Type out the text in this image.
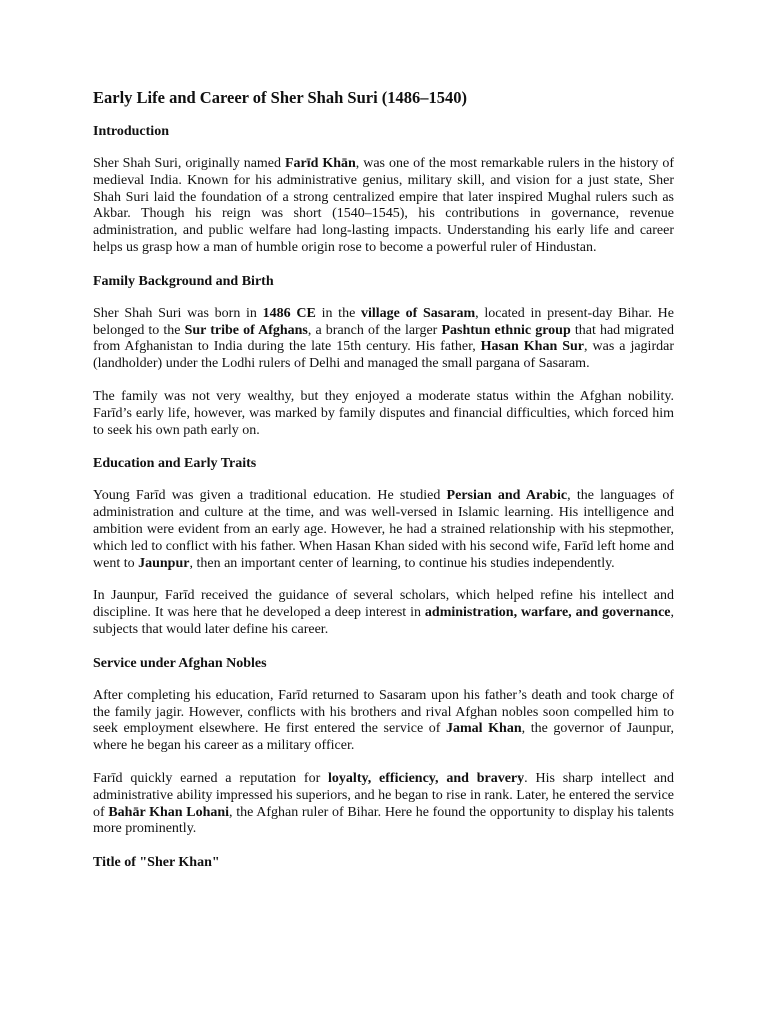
Early Life and Career of Sher Shah Suri (1486–1540)
Introduction

Sher Shah Suri, originally named Farīd Khān, was one of the most remarkable rulers in the history of medieval India. Known for his administrative genius, military skill, and vision for a just state, Sher Shah Suri laid the foundation of a strong centralized empire that later inspired Mughal rulers such as Akbar. Though his reign was short (1540–1545), his contributions in governance, revenue administration, and public welfare had long-lasting impacts. Understanding his early life and career helps us grasp how a man of humble origin rose to become a powerful ruler of Hindustan.

Family Background and Birth

Sher Shah Suri was born in 1486 CE in the village of Sasaram, located in present-day Bihar. He belonged to the Sur tribe of Afghans, a branch of the larger Pashtun ethnic group that had migrated from Afghanistan to India during the late 15th century. His father, Hasan Khan Sur, was a jagirdar (landholder) under the Lodhi rulers of Delhi and managed the small pargana of Sasaram.

The family was not very wealthy, but they enjoyed a moderate status within the Afghan nobility. Farīd’s early life, however, was marked by family disputes and financial difficulties, which forced him to seek his own path early on.

Education and Early Traits

Young Farīd was given a traditional education. He studied Persian and Arabic, the languages of administration and culture at the time, and was well-versed in Islamic learning. His intelligence and ambition were evident from an early age. However, he had a strained relationship with his stepmother, which led to conflict with his father. When Hasan Khan sided with his second wife, Farīd left home and went to Jaunpur, then an important center of learning, to continue his studies independently.

In Jaunpur, Farīd received the guidance of several scholars, which helped refine his intellect and discipline. It was here that he developed a deep interest in administration, warfare, and governance, subjects that would later define his career.

Service under Afghan Nobles

After completing his education, Farīd returned to Sasaram upon his father’s death and took charge of the family jagir. However, conflicts with his brothers and rival Afghan nobles soon compelled him to seek employment elsewhere. He first entered the service of Jamal Khan, the governor of Jaunpur, where he began his career as a military officer.

Farīd quickly earned a reputation for loyalty, efficiency, and bravery. His sharp intellect and administrative ability impressed his superiors, and he began to rise in rank. Later, he entered the service of Bahār Khan Lohani, the Afghan ruler of Bihar. Here he found the opportunity to display his talents more prominently.

Title of "Sher Khan"
